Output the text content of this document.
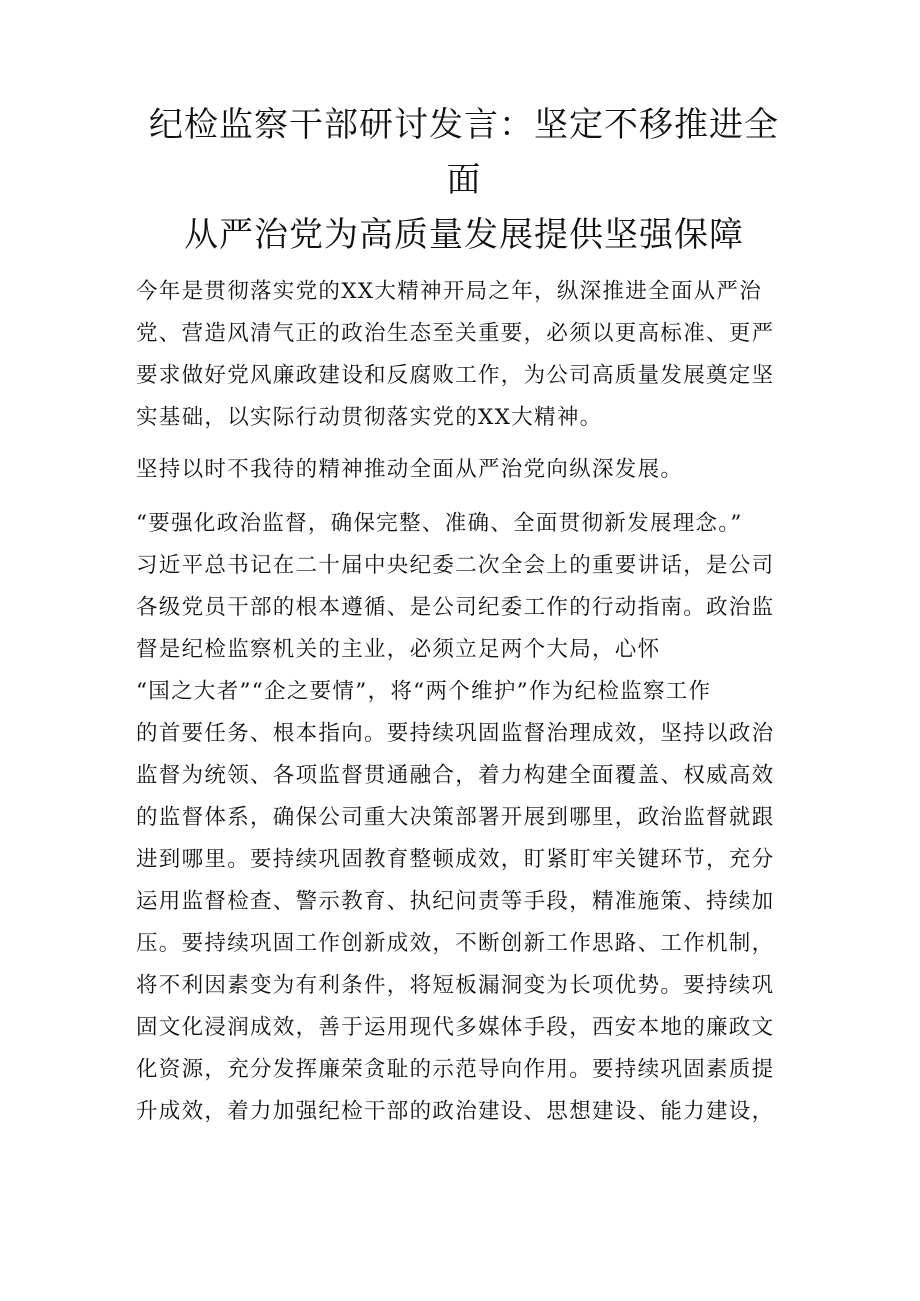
纪检监察干部研讨发言：坚定不移推进全面
从严治党为高质量发展提供坚强保障

今年是贯彻落实党的XX大精神开局之年，纵深推进全面从严治
党、营造风清气正的政治生态至关重要，必须以更高标准、更严
要求做好党风廉政建设和反腐败工作，为公司高质量发展奠定坚
实基础，以实际行动贯彻落实党的XX大精神。

坚持以时不我待的精神推动全面从严治党向纵深发展。

“要强化政治监督，确保完整、准确、全面贯彻新发展理念。”
习近平总书记在二十届中央纪委二次全会上的重要讲话，是公司
各级党员干部的根本遵循、是公司纪委工作的行动指南。政治监
督是纪检监察机关的主业，必须立足两个大局，心怀
“国之大者”“企之要情”，将“两个维护”作为纪检监察工作
的首要任务、根本指向。要持续巩固监督治理成效，坚持以政治
监督为统领、各项监督贯通融合，着力构建全面覆盖、权威高效
的监督体系，确保公司重大决策部署开展到哪里，政治监督就跟
进到哪里。要持续巩固教育整顿成效，盯紧盯牢关键环节，充分
运用监督检查、警示教育、执纪问责等手段，精准施策、持续加
压。要持续巩固工作创新成效，不断创新工作思路、工作机制，
将不利因素变为有利条件，将短板漏洞变为长项优势。要持续巩
固文化浸润成效，善于运用现代多媒体手段，西安本地的廉政文
化资源，充分发挥廉荣贪耻的示范导向作用。要持续巩固素质提
升成效，着力加强纪检干部的政治建设、思想建设、能力建设，
